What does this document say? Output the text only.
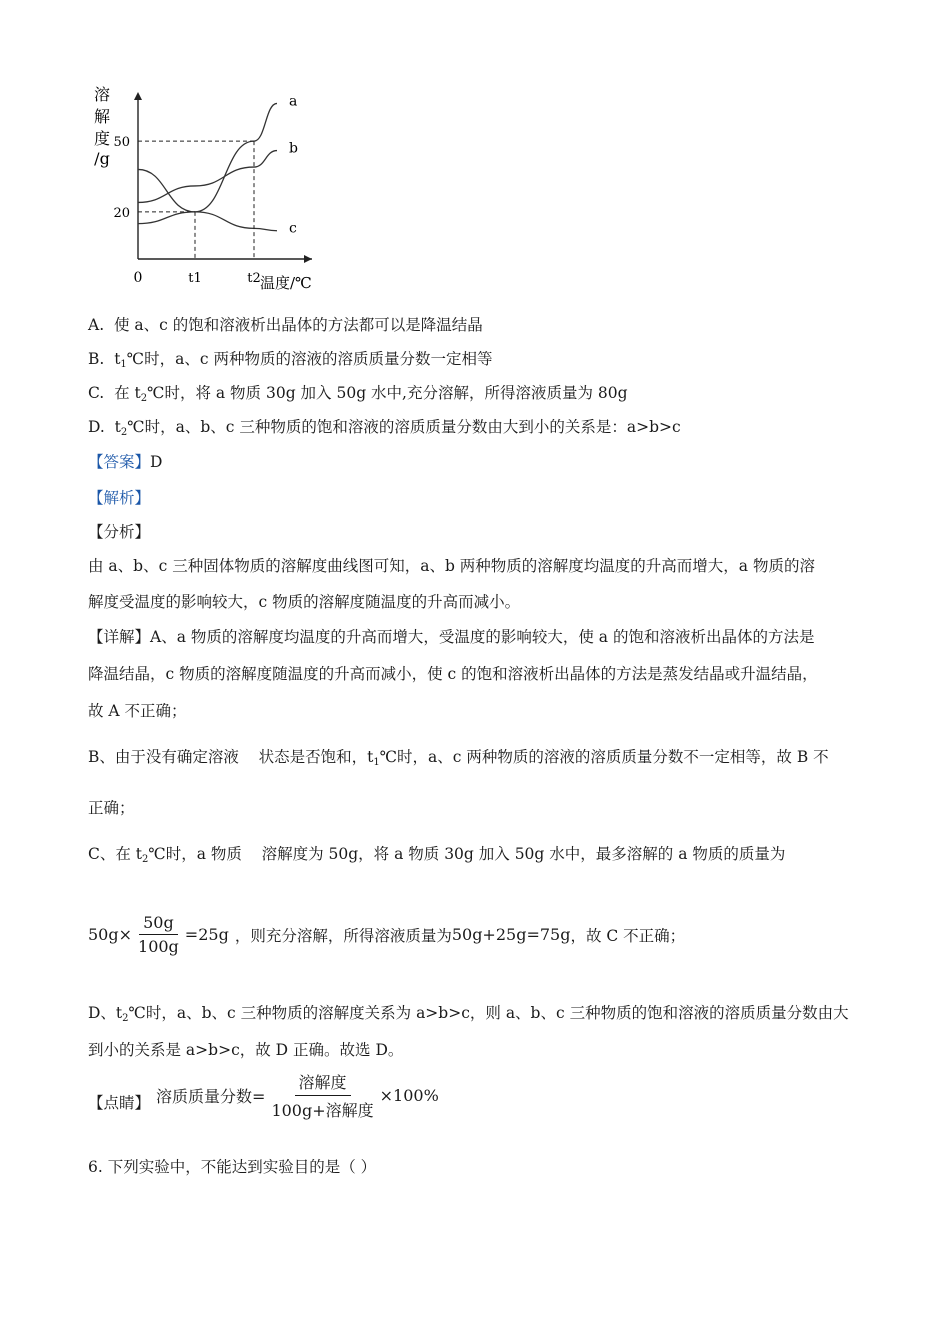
溶
解
度
/g
20
50
a
b
c
0	t1	t2 温度/℃
A. 使 a、c 的饱和溶液析出晶体的方法都可以是降温结晶
B. $t_1℃$时，a、c 两种物质的溶液的溶质质量分数一定相等
C. 在 $t_2℃$时，将 a 物质 30g 加入 50g 水中,充分溶解，所得溶液质量为 80g
D. $t_2℃$时，a、b、c 三种物质的饱和溶液的溶质质量分数由大到小的关系是：a>b>c
【答案】D
【解析】
【分析】
由 a、b、c 三种固体物质的溶解度曲线图可知，a、b 两种物质的溶解度均温度的升高而增大，a 物质的溶
解度受温度的影响较大，c 物质的溶解度随温度的升高而减小。
【详解】A、a 物质的溶解度均温度的升高而增大，受温度的影响较大，使 a 的饱和溶液析出晶体的方法是
降温结晶，c 物质的溶解度随温度的升高而减小，使 c 的饱和溶液析出晶体的方法是蒸发结晶或升温结晶，
故 A 不正确；
B、由于没有确定溶液    状态是否饱和，$t_1℃$时，a、c 两种物质的溶液的溶质质量分数不一定相等，故 B 不
正确；
C、在 $t_2℃$时，a 物质    溶解度为 50g，将 a 物质 30g 加入 50g 水中，最多溶解的 a 物质的质量为
$50g \times \frac{50g}{100g} =25g$ ，则充分溶解，所得溶液质量为 50g+25g=75g ，故 C 不正确；
D、$t_2℃$时，a、b、c 三种物质的溶解度关系为 a>b>c，则 a、b、c 三种物质的饱和溶液的溶质质量分数由大
到小的关系是 a>b>c，故 D 正确。故选 D。
【点睛】 溶质质量分数= $\frac{\text{溶解度}}{\text{100g+溶解度}} \times 100\%$
6. 下列实验中，不能达到实验目的是（ ）
